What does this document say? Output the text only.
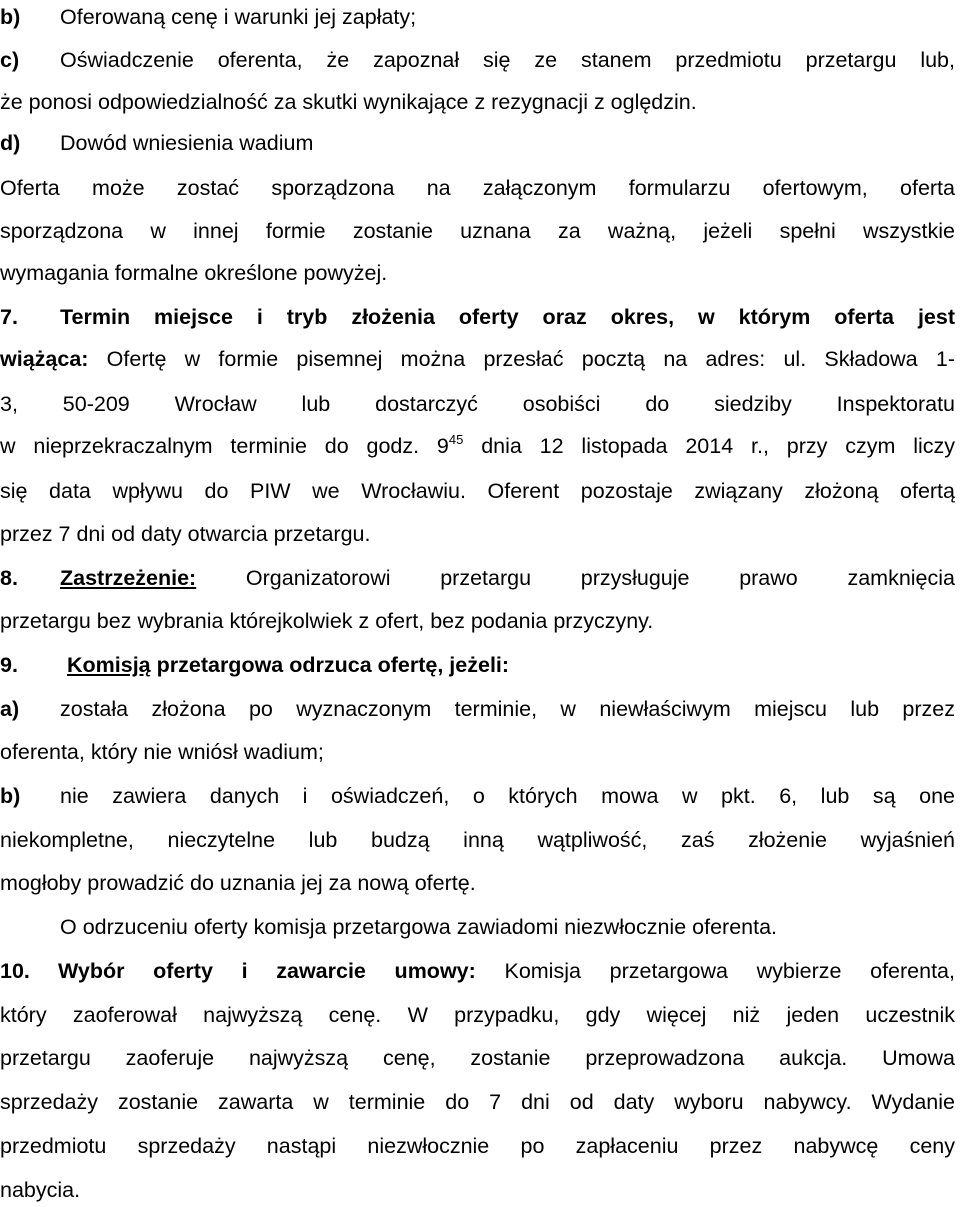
b) Oferowaną cenę i warunki jej zapłaty;
c) Oświadczenie oferenta, że zapoznał się ze stanem przedmiotu przetargu lub,
że ponosi odpowiedzialność za skutki wynikające z rezygnacji z oględzin.
d) Dowód wniesienia wadium
Oferta może zostać sporządzona na załączonym formularzu ofertowym, oferta
sporządzona w innej formie zostanie uznana za ważną, jeżeli spełni wszystkie
wymagania formalne określone powyżej.
7. Termin miejsce i tryb złożenia oferty oraz okres, w którym oferta jest
wiążąca: Ofertę w formie pisemnej można przesłać pocztą na adres: ul. Składowa 1-
3, 50-209 Wrocław lub dostarczyć osobiści do siedziby Inspektoratu
w nieprzekraczalnym terminie do godz. $9^{45}$ dnia 12 listopada 2014 r., przy czym liczy
się data wpływu do PIW we Wrocławiu. Oferent pozostaje związany złożoną ofertą
przez 7 dni od daty otwarcia przetargu.
8. Zastrzeżenie: Organizatorowi przetargu przysługuje prawo zamknięcia
przetargu bez wybrania którejkolwiek z ofert, bez podania przyczyny.
9. Komisją przetargowa odrzuca ofertę, jeżeli:
a) została złożona po wyznaczonym terminie, w niewłaściwym miejscu lub przez
oferenta, który nie wniósł wadium;
b) nie zawiera danych i oświadczeń, o których mowa w pkt. 6, lub są one
niekompletne, nieczytelne lub budzą inną wątpliwość, zaś złożenie wyjaśnień
mogłoby prowadzić do uznania jej za nową ofertę.
O odrzuceniu oferty komisja przetargowa zawiadomi niezwłocznie oferenta.
10. Wybór oferty i zawarcie umowy: Komisja przetargowa wybierze oferenta,
który zaoferował najwyższą cenę. W przypadku, gdy więcej niż jeden uczestnik
przetargu zaoferuje najwyższą cenę, zostanie przeprowadzona aukcja. Umowa
sprzedaży zostanie zawarta w terminie do 7 dni od daty wyboru nabywcy. Wydanie
przedmiotu sprzedaży nastąpi niezwłocznie po zapłaceniu przez nabywcę ceny
nabycia.
